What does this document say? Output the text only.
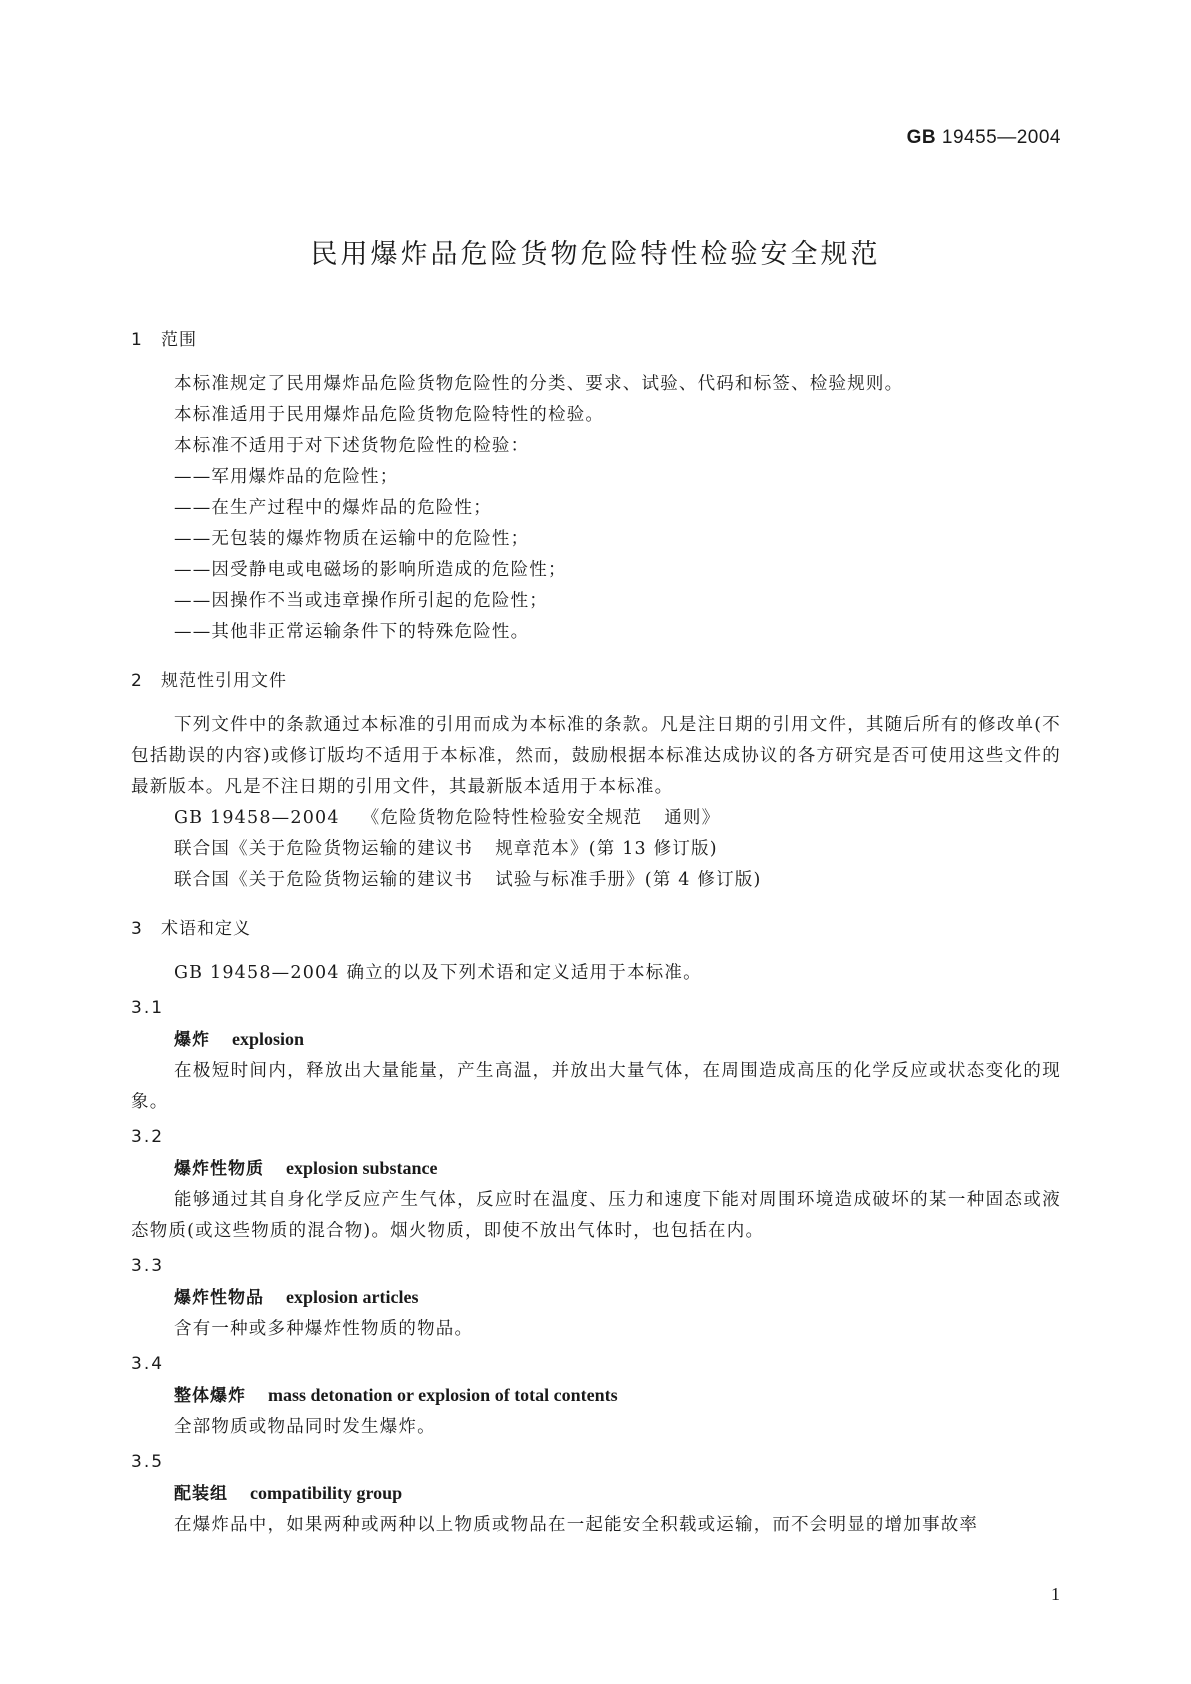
GB 19455—2004
民用爆炸品危险货物危险特性检验安全规范
1 范围
本标准规定了民用爆炸品危险货物危险性的分类、要求、试验、代码和标签、检验规则。
本标准适用于民用爆炸品危险货物危险特性的检验。
本标准不适用于对下述货物危险性的检验：
——军用爆炸品的危险性；
——在生产过程中的爆炸品的危险性；
——无包装的爆炸物质在运输中的危险性；
——因受静电或电磁场的影响所造成的危险性；
——因操作不当或违章操作所引起的危险性；
——其他非正常运输条件下的特殊危险性。
2 规范性引用文件
下列文件中的条款通过本标准的引用而成为本标准的条款。凡是注日期的引用文件，其随后所有的修改单(不包括勘误的内容)或修订版均不适用于本标准，然而，鼓励根据本标准达成协议的各方研究是否可使用这些文件的最新版本。凡是不注日期的引用文件，其最新版本适用于本标准。
GB 19458—2004 《危险货物危险特性检验安全规范 通则》
联合国《关于危险货物运输的建议书 规章范本》(第 13 修订版)
联合国《关于危险货物运输的建议书 试验与标准手册》(第 4 修订版)
3 术语和定义
GB 19458—2004 确立的以及下列术语和定义适用于本标准。
3.1
爆炸 explosion
在极短时间内，释放出大量能量，产生高温，并放出大量气体，在周围造成高压的化学反应或状态变化的现象。
3.2
爆炸性物质 explosion substance
能够通过其自身化学反应产生气体，反应时在温度、压力和速度下能对周围环境造成破坏的某一种固态或液态物质(或这些物质的混合物)。烟火物质，即使不放出气体时，也包括在内。
3.3
爆炸性物品 explosion articles
含有一种或多种爆炸性物质的物品。
3.4
整体爆炸 mass detonation or explosion of total contents
全部物质或物品同时发生爆炸。
3.5
配装组 compatibility group
在爆炸品中，如果两种或两种以上物质或物品在一起能安全积载或运输，而不会明显的增加事故率
1
